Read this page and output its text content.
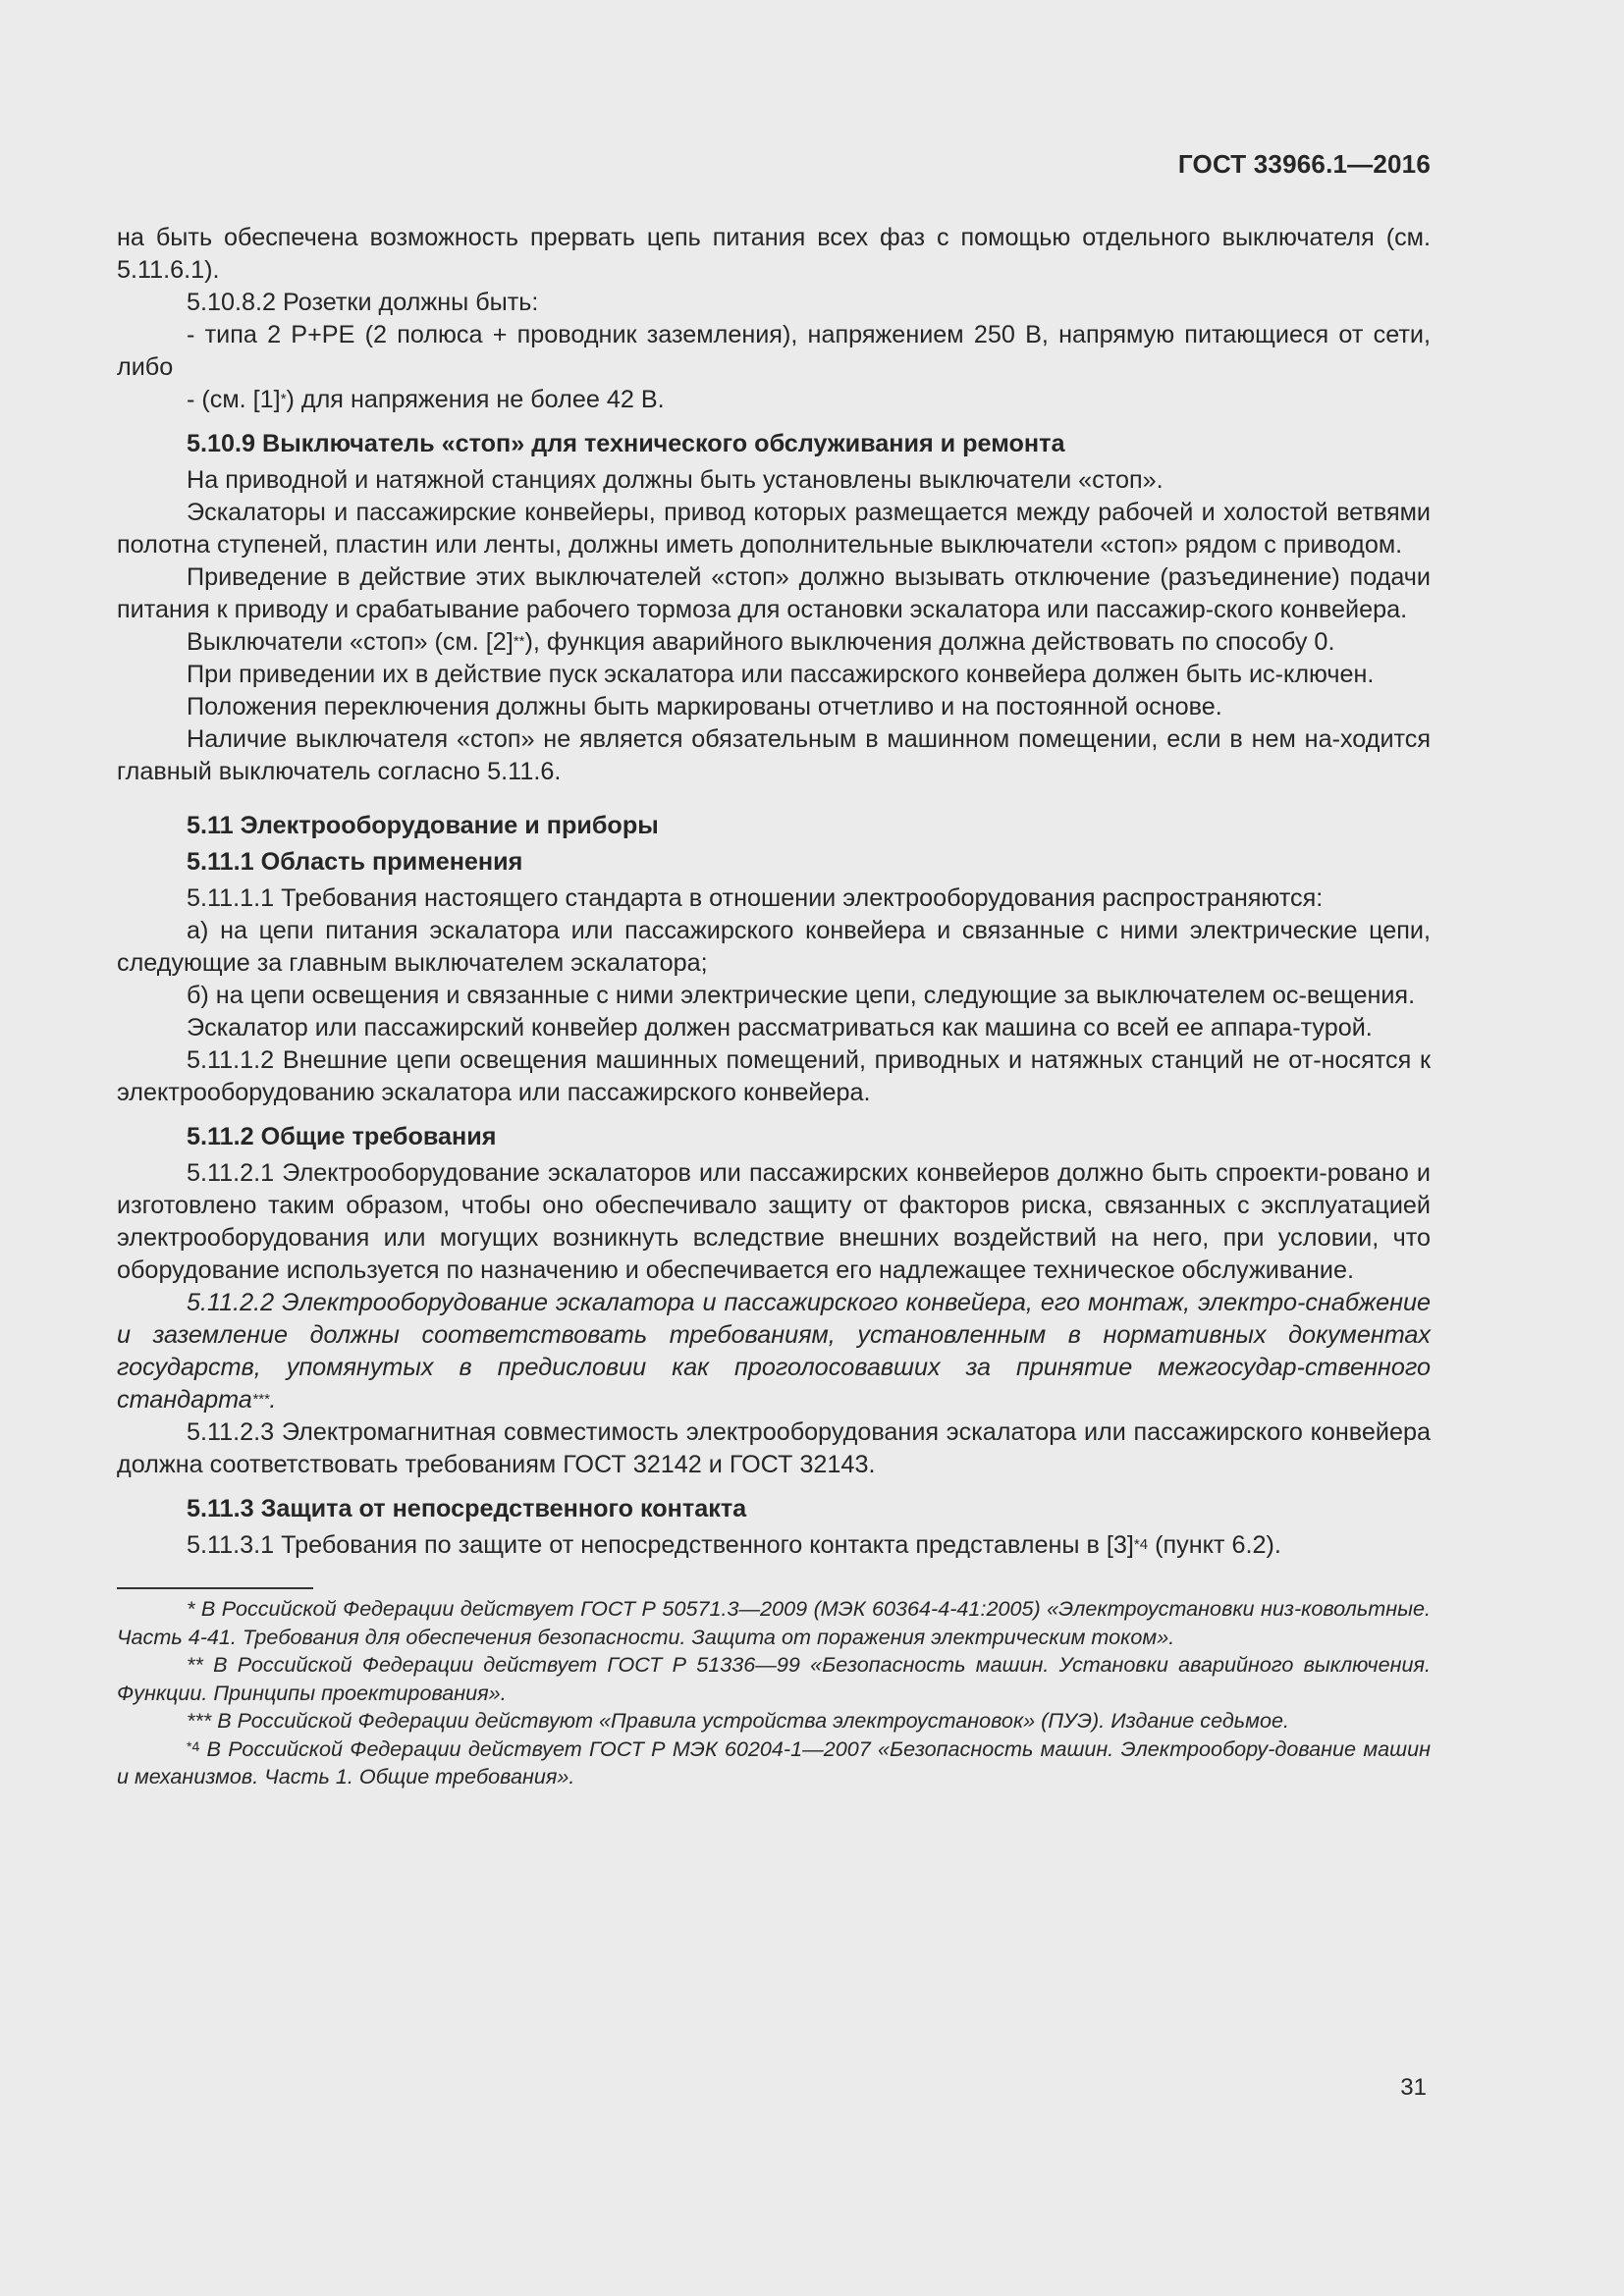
ГОСТ 33966.1—2016

на быть обеспечена возможность прервать цепь питания всех фаз с помощью отдельного выключателя (см. 5.11.6.1).

5.10.8.2 Розетки должны быть:

- типа 2 Р+РЕ (2 полюса + проводник заземления), напряжением 250 В, напрямую питающиеся от сети, либо

- (см. [1]*) для напряжения не более 42 В.

5.10.9 Выключатель «стоп» для технического обслуживания и ремонта

На приводной и натяжной станциях должны быть установлены выключатели «стоп».

Эскалаторы и пассажирские конвейеры, привод которых размещается между рабочей и холостой ветвями полотна ступеней, пластин или ленты, должны иметь дополнительные выключатели «стоп» рядом с приводом.

Приведение в действие этих выключателей «стоп» должно вызывать отключение (разъединение) подачи питания к приводу и срабатывание рабочего тормоза для остановки эскалатора или пассажир-ского конвейера.

Выключатели «стоп» (см. [2]**), функция аварийного выключения должна действовать по способу 0.

При приведении их в действие пуск эскалатора или пассажирского конвейера должен быть ис-ключен.

Положения переключения должны быть маркированы отчетливо и на постоянной основе.

Наличие выключателя «стоп» не является обязательным в машинном помещении, если в нем на-ходится главный выключатель согласно 5.11.6.

5.11 Электрооборудование и приборы

5.11.1 Область применения

5.11.1.1 Требования настоящего стандарта в отношении электрооборудования распространяются:

а) на цепи питания эскалатора или пассажирского конвейера и связанные с ними электрические цепи, следующие за главным выключателем эскалатора;

б) на цепи освещения и связанные с ними электрические цепи, следующие за выключателем ос-вещения.

Эскалатор или пассажирский конвейер должен рассматриваться как машина со всей ее аппара-турой.

5.11.1.2 Внешние цепи освещения машинных помещений, приводных и натяжных станций не от-носятся к электрооборудованию эскалатора или пассажирского конвейера.

5.11.2 Общие требования

5.11.2.1 Электрооборудование эскалаторов или пассажирских конвейеров должно быть спроекти-ровано и изготовлено таким образом, чтобы оно обеспечивало защиту от факторов риска, связанных с эксплуатацией электрооборудования или могущих возникнуть вследствие внешних воздействий на него, при условии, что оборудование используется по назначению и обеспечивается его надлежащее техническое обслуживание.

5.11.2.2 Электрооборудование эскалатора и пассажирского конвейера, его монтаж, электро-снабжение и заземление должны соответствовать требованиям, установленным в нормативных документах государств, упомянутых в предисловии как проголосовавших за принятие межгосудар-ственного стандарта***.

5.11.2.3 Электромагнитная совместимость электрооборудования эскалатора или пассажирского конвейера должна соответствовать требованиям ГОСТ 32142 и ГОСТ 32143.

5.11.3 Защита от непосредственного контакта

5.11.3.1 Требования по защите от непосредственного контакта представлены в $[3]^{*4}$ (пункт 6.2).

* В Российской Федерации действует ГОСТ Р 50571.3—2009 (МЭК 60364-4-41:2005) «Электроустановки низ-ковольтные. Часть 4-41. Требования для обеспечения безопасности. Защита от поражения электрическим током».

** В Российской Федерации действует ГОСТ Р 51336—99 «Безопасность машин. Установки аварийного выключения. Функции. Принципы проектирования».

*** В Российской Федерации действуют «Правила устройства электроустановок» (ПУЭ). Издание седьмое.

$^{*4}$ В Российской Федерации действует ГОСТ Р МЭК 60204-1—2007 «Безопасность машин. Электрообору-дование машин и механизмов. Часть 1. Общие требования».

31
